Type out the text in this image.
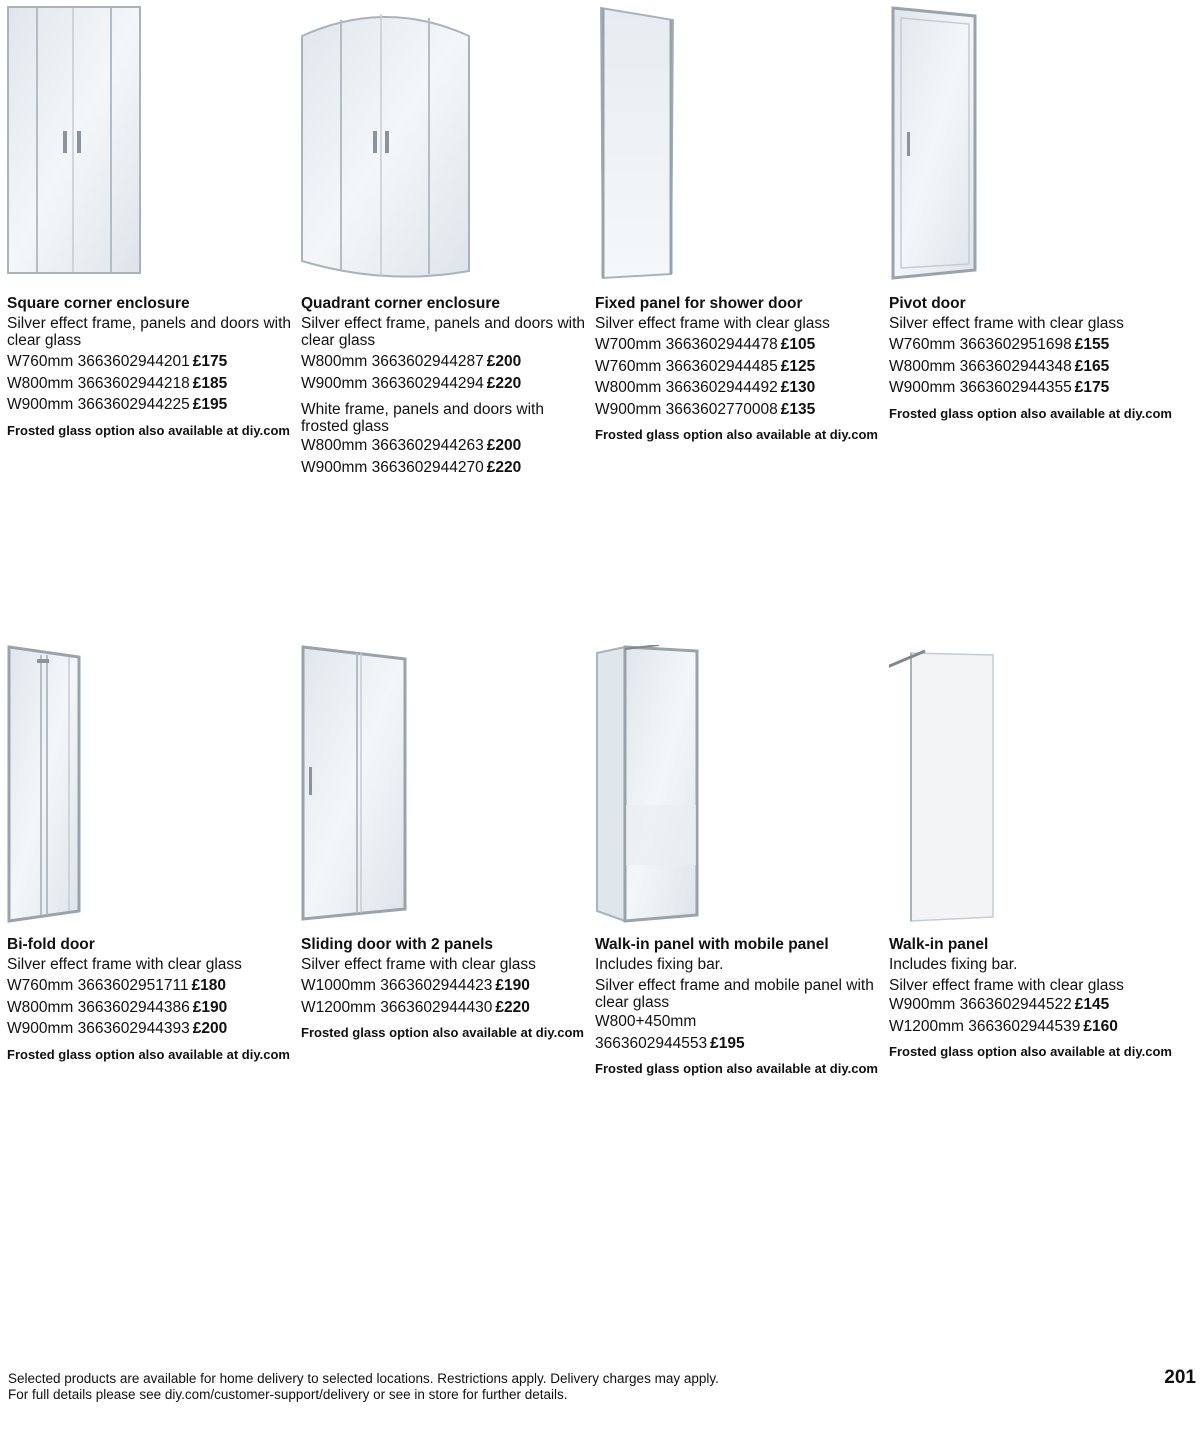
Square corner enclosure

Silver effect frame, panels and doors with clear glass

W760mm 3663602944201 £175
W800mm 3663602944218 £185
W900mm 3663602944225 £195
Frosted glass option also available at diy.com

Quadrant corner enclosure

Silver effect frame, panels and doors with clear glass

W800mm 3663602944287 £200
W900mm 3663602944294 £220
White frame, panels and doors with frosted glass
W800mm 3663602944263 £200
W900mm 3663602944270 £220

Fixed panel for shower door

Silver effect frame with clear glass

W700mm 3663602944478 £105
W760mm 3663602944485 £125
W800mm 3663602944492 £130
W900mm 3663602770008 £135
Frosted glass option also available at diy.com

Pivot door

Silver effect frame with clear glass

W760mm 3663602951698 £155
W800mm 3663602944348 £165
W900mm 3663602944355 £175
Frosted glass option also available at diy.com

Bi-fold door

Silver effect frame with clear glass

W760mm 3663602951711 £180
W800mm 3663602944386 £190
W900mm 3663602944393 £200
Frosted glass option also available at diy.com

Sliding door with 2 panels

Silver effect frame with clear glass

W1000mm 3663602944423 £190
W1200mm 3663602944430 £220
Frosted glass option also available at diy.com

Walk-in panel with mobile panel

Includes fixing bar.

Silver effect frame and mobile panel with clear glass
W800+450mm
3663602944553 £195
Frosted glass option also available at diy.com

Walk-in panel

Includes fixing bar.

Silver effect frame with clear glass
W900mm 3663602944522 £145
W1200mm 3663602944539 £160
Frosted glass option also available at diy.com
Selected products are available for home delivery to selected locations. Restrictions apply. Delivery charges may apply.
For full details please see diy.com/customer-support/delivery or see in store for further details.
201
